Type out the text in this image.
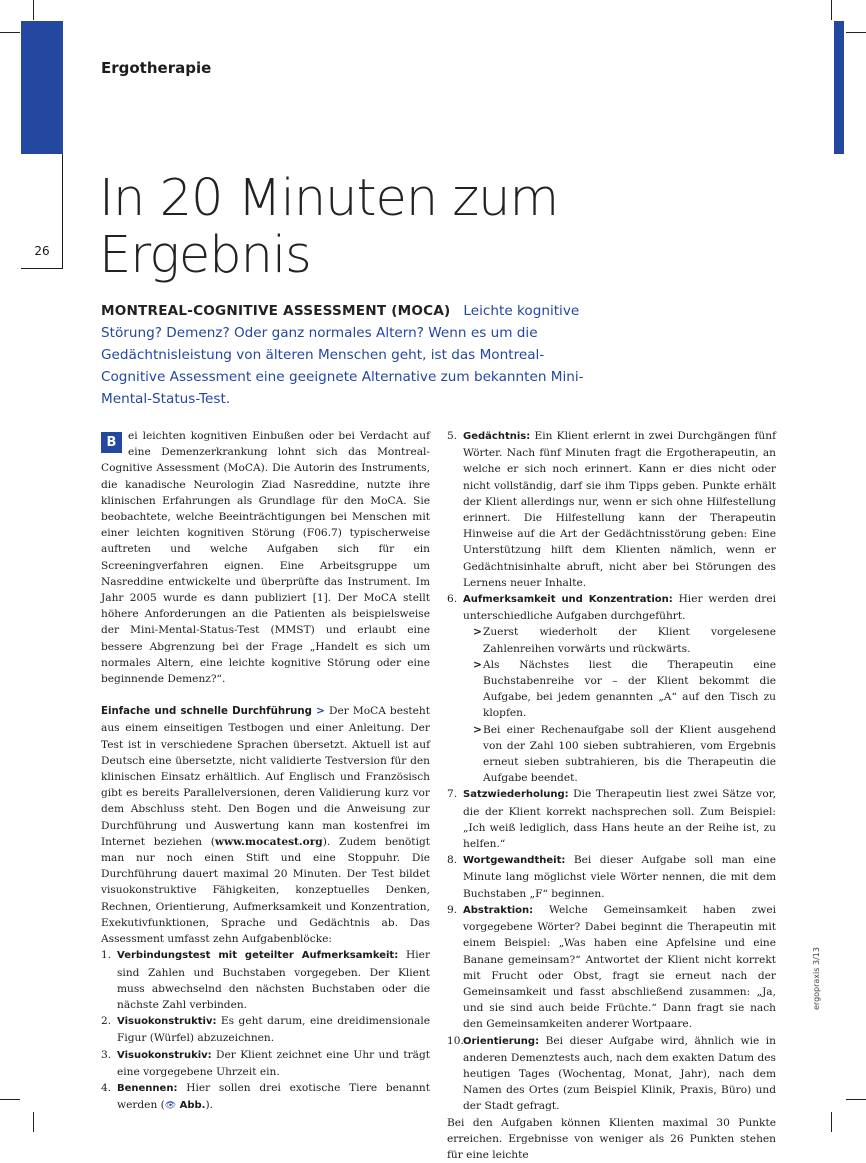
26
Ergotherapie
In 20 Minuten zum
Ergebnis

MONTREAL-COGNITIVE ASSESSMENT (MOCA) Leichte kognitive Störung? Demenz? Oder ganz normales Altern? Wenn es um die Gedächtnisleistung von älteren Menschen geht, ist das Montreal-Cognitive Assessment eine geeignete Alternative zum bekannten Mini-Mental-Status-Test.

B	ei leichten kognitiven Einbußen oder bei Verdacht auf eine Demenzerkrankung lohnt sich das Montreal-Cognitive Assessment (MoCA). Die Autorin des Instruments, die kanadische Neurologin Ziad Nasreddine, nutzte ihre klinischen Erfahrungen als Grundlage für den MoCA. Sie beobachtete, welche Beeinträchtigungen bei Menschen mit einer leichten kognitiven Störung (F06.7) typischerweise auftreten und welche Aufgaben sich für ein Screeningverfahren eignen. Eine Arbeitsgruppe um Nasreddine entwickelte und überprüfte das Instrument. Im Jahr 2005 wurde es dann publiziert [1]. Der MoCA stellt höhere Anforderungen an die Patienten als beispielsweise der Mini-Mental-Status-Test (MMST) und erlaubt eine bessere Abgrenzung bei der Frage „Handelt es sich um normales Altern, eine leichte kognitive Störung oder eine beginnende Demenz?“.

Einfache und schnelle Durchführung > Der MoCA besteht aus einem einseitigen Testbogen und einer Anleitung. Der Test ist in verschiedene Sprachen übersetzt. Aktuell ist auf Deutsch eine übersetzte, nicht validierte Testversion für den klinischen Einsatz erhältlich. Auf Englisch und Französisch gibt es bereits Parallelversionen, deren Validierung kurz vor dem Abschluss steht. Den Bogen und die Anweisung zur Durchführung und Auswertung kann man kostenfrei im Internet beziehen (www.mocatest.org). Zudem benötigt man nur noch einen Stift und eine Stoppuhr. Die Durchführung dauert maximal 20 Minuten. Der Test bildet visuokonstruktive Fähigkeiten, konzeptuelles Denken, Rechnen, Orientierung, Aufmerksamkeit und Konzentration, Exekutivfunktionen, Sprache und Gedächtnis ab. Das Assessment umfasst zehn Aufgabenblöcke:

1. Verbindungstest mit geteilter Aufmerksamkeit: Hier sind Zahlen und Buchstaben vorgegeben. Der Klient muss abwechselnd den nächsten Buchstaben oder die nächste Zahl verbinden.
2. Visuokonstruktiv: Es geht darum, eine dreidimensionale Figur (Würfel) abzuzeichnen.
3. Visuokonstrukiv: Der Klient zeichnet eine Uhr und trägt eine vorgegebene Uhrzeit ein.
4. Benennen: Hier sollen drei exotische Tiere benannt werden (👁 Abb.).
5. Gedächtnis: Ein Klient erlernt in zwei Durchgängen fünf Wörter. Nach fünf Minuten fragt die Ergotherapeutin, an welche er sich noch erinnert. Kann er dies nicht oder nicht vollständig, darf sie ihm Tipps geben. Punkte erhält der Klient allerdings nur, wenn er sich ohne Hilfestellung erinnert. Die Hilfestellung kann der Therapeutin Hinweise auf die Art der Gedächtnisstörung geben: Eine Unterstützung hilft dem Klienten nämlich, wenn er Gedächtnisinhalte abruft, nicht aber bei Störungen des Lernens neuer Inhalte.
6. Aufmerksamkeit und Konzentration: Hier werden drei unterschiedliche Aufgaben durchgeführt.
> Zuerst wiederholt der Klient vorgelesene Zahlenreihen vorwärts und rückwärts.
> Als Nächstes liest die Therapeutin eine Buchstabenreihe vor – der Klient bekommt die Aufgabe, bei jedem genannten „A“ auf den Tisch zu klopfen.
> Bei einer Rechenaufgabe soll der Klient ausgehend von der Zahl 100 sieben subtrahieren, vom Ergebnis erneut sieben subtrahieren, bis die Therapeutin die Aufgabe beendet.
7. Satzwiederholung: Die Therapeutin liest zwei Sätze vor, die der Klient korrekt nachsprechen soll. Zum Beispiel: „Ich weiß lediglich, dass Hans heute an der Reihe ist, zu helfen.“
8. Wortgewandtheit: Bei dieser Aufgabe soll man eine Minute lang möglichst viele Wörter nennen, die mit dem Buchstaben „F“ beginnen.
9. Abstraktion: Welche Gemeinsamkeit haben zwei vorgegebene Wörter? Dabei beginnt die Therapeutin mit einem Beispiel: „Was haben eine Apfelsine und eine Banane gemeinsam?“ Antwortet der Klient nicht korrekt mit Frucht oder Obst, fragt sie erneut nach der Gemeinsamkeit und fasst abschließend zusammen: „Ja, und sie sind auch beide Früchte.“ Dann fragt sie nach den Gemeinsamkeiten anderer Wortpaare.
10. Orientierung: Bei dieser Aufgabe wird, ähnlich wie in anderen Demenztests auch, nach dem exakten Datum des heutigen Tages (Wochentag, Monat, Jahr), nach dem Namen des Ortes (zum Beispiel Klinik, Praxis, Büro) und der Stadt gefragt.

Bei den Aufgaben können Klienten maximal 30 Punkte erreichen. Ergebnisse von weniger als 26 Punkten stehen für eine leichte

ergopraxis 3/13
